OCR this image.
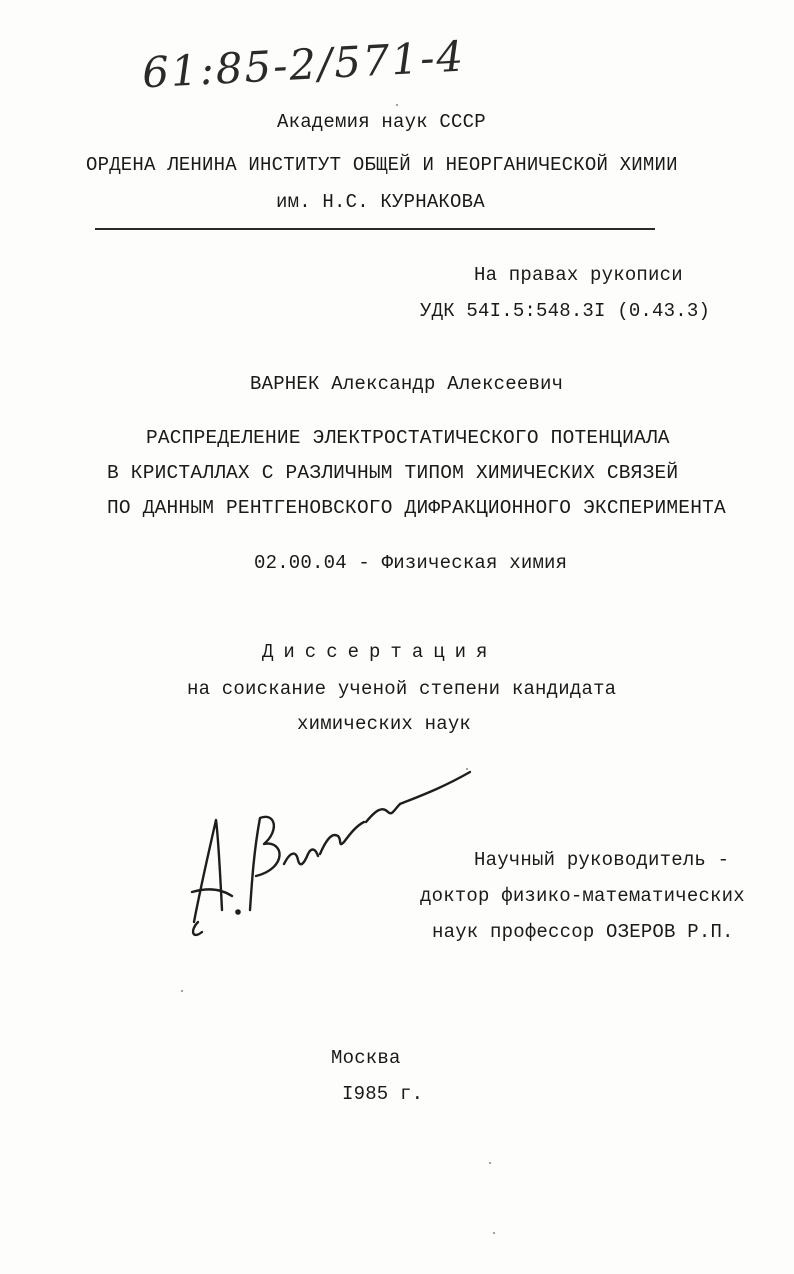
61:85-2/571-4
Академия наук СССР
ОРДЕНА ЛЕНИНА ИНСТИТУТ ОБЩЕЙ И НЕОРГАНИЧЕСКОЙ ХИМИИ
им. Н.С. КУРНАКОВА
На правах рукописи
УДК 54I.5:548.3I (0.43.3)
ВАРНЕК Александр Алексеевич
РАСПРЕДЕЛЕНИЕ ЭЛЕКТРОСТАТИЧЕСКОГО ПОТЕНЦИАЛА
В КРИСТАЛЛАХ С РАЗЛИЧНЫМ ТИПОМ ХИМИЧЕСКИХ СВЯЗЕЙ
ПО ДАННЫМ РЕНТГЕНОВСКОГО ДИФРАКЦИОННОГО ЭКСПЕРИМЕНТА
02.00.04 - Физическая химия
Диссертация
на соискание ученой степени кандидата
химических наук
Научный руководитель -
доктор физико-математических
наук профессор ОЗЕРОВ Р.П.
Москва
I985 г.
